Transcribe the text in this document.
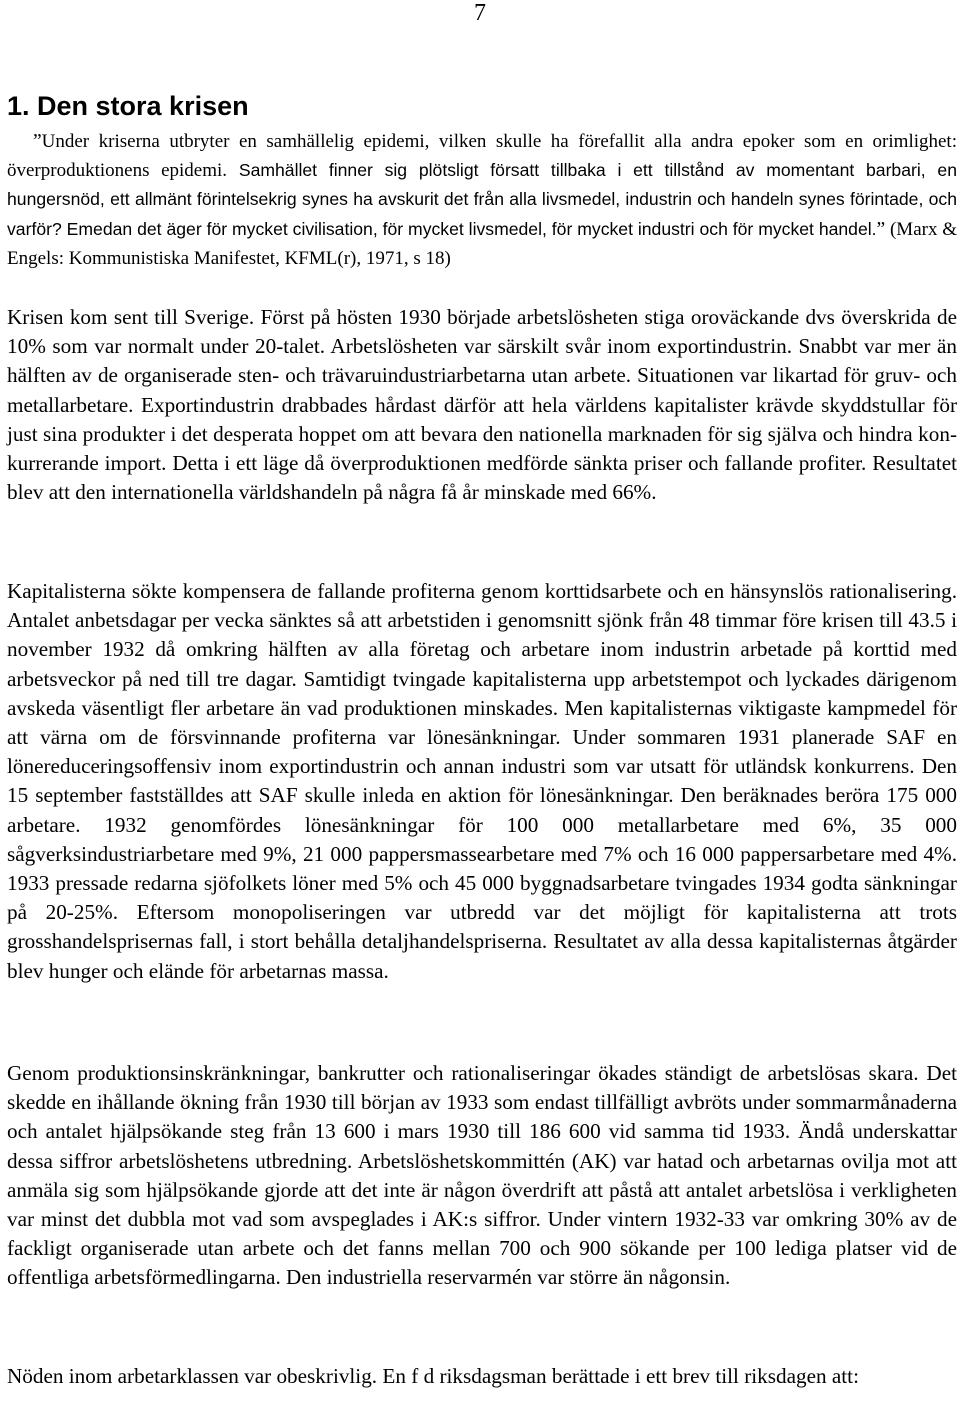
7
1. Den stora krisen

”Under kriserna utbryter en samhällelig epidemi, vilken skulle ha förefallit alla andra epoker som en orimlighet: överproduktionens epidemi. Samhället finner sig plötsligt försatt tillbaka i ett tillstånd av momentant barbari, en hungersnöd, ett allmänt förintelsekrig synes ha avskurit det från alla livsmedel, industrin och handeln synes förintade, och varför? Emedan det äger för mycket civilisation, för mycket livsmedel, för mycket industri och för mycket handel.” (Marx & Engels: Kommunistiska Manifestet, KFML(r), 1971, s 18)

Krisen kom sent till Sverige. Först på hösten 1930 började arbetslösheten stiga oroväckande dvs överskrida de 10% som var normalt under 20-talet. Arbetslösheten var särskilt svår inom exportindustrin. Snabbt var mer än hälften av de organiserade sten- och trävaruindustriarbetarna utan arbete. Situationen var likartad för gruv- och metallarbetare. Exportindustrin drabbades hårdast därför att hela världens kapitalister krävde skyddstullar för just sina produkter i det desperata hoppet om att bevara den nationella marknaden för sig själva och hindra konkurrerande import. Detta i ett läge då överproduktionen medförde sänkta priser och fallande profiter. Resultatet blev att den internationella världshandeln på några få år minskade med 66%.

Kapitalisterna sökte kompensera de fallande profiterna genom korttidsarbete och en hänsynslös rationalisering. Antalet anbetsdagar per vecka sänktes så att arbetstiden i genomsnitt sjönk från 48 timmar före krisen till 43.5 i november 1932 då omkring hälften av alla företag och arbetare inom industrin arbetade på korttid med arbetsveckor på ned till tre dagar. Samtidigt tvingade kapitalisterna upp arbetstempot och lyckades därigenom avskeda väsentligt fler arbetare än vad produktionen minskades. Men kapitalisternas viktigaste kampmedel för att värna om de försvinnande profiterna var lönesänkningar. Under sommaren 1931 planerade SAF en lönereduceringsoffensiv inom exportindustrin och annan industri som var utsatt för utländsk konkurrens. Den 15 september fastställdes att SAF skulle inleda en aktion för lönesänkningar. Den beräknades beröra 175 000 arbetare. 1932 genomfördes lönesänkningar för 100 000 metallarbetare med 6%, 35 000 sågverksindustriarbetare med 9%, 21 000 pappersmassearbetare med 7% och 16 000 pappersarbetare med 4%. 1933 pressade redarna sjöfolkets löner med 5% och 45 000 byggnadsarbetare tvingades 1934 godta sänkningar på 20-25%. Eftersom monopoliseringen var utbredd var det möjligt för kapitalisterna att trots grosshandelsprisernas fall, i stort behålla detaljhandelspriserna. Resultatet av alla dessa kapitalisternas åtgärder blev hunger och elände för arbetarnas massa.

Genom produktionsinskränkningar, bankrutter och rationaliseringar ökades ständigt de arbetslösas skara. Det skedde en ihållande ökning från 1930 till början av 1933 som endast tillfälligt avbröts under sommarmånaderna och antalet hjälpsökande steg från 13 600 i mars 1930 till 186 600 vid samma tid 1933. Ändå underskattar dessa siffror arbetslöshetens utbredning. Arbetslöshetskommittén (AK) var hatad och arbetarnas ovilja mot att anmäla sig som hjälpsökande gjorde att det inte är någon överdrift att påstå att antalet arbetslösa i verkligheten var minst det dubbla mot vad som avspeglades i AK:s siffror. Under vintern 1932-33 var omkring 30% av de fackligt organiserade utan arbete och det fanns mellan 700 och 900 sökande per 100 lediga platser vid de offentliga arbetsförmedlingarna. Den industriella reservarmén var större än någonsin.

Nöden inom arbetarklassen var obeskrivlig. En f d riksdagsman berättade i ett brev till riksdagen att:
